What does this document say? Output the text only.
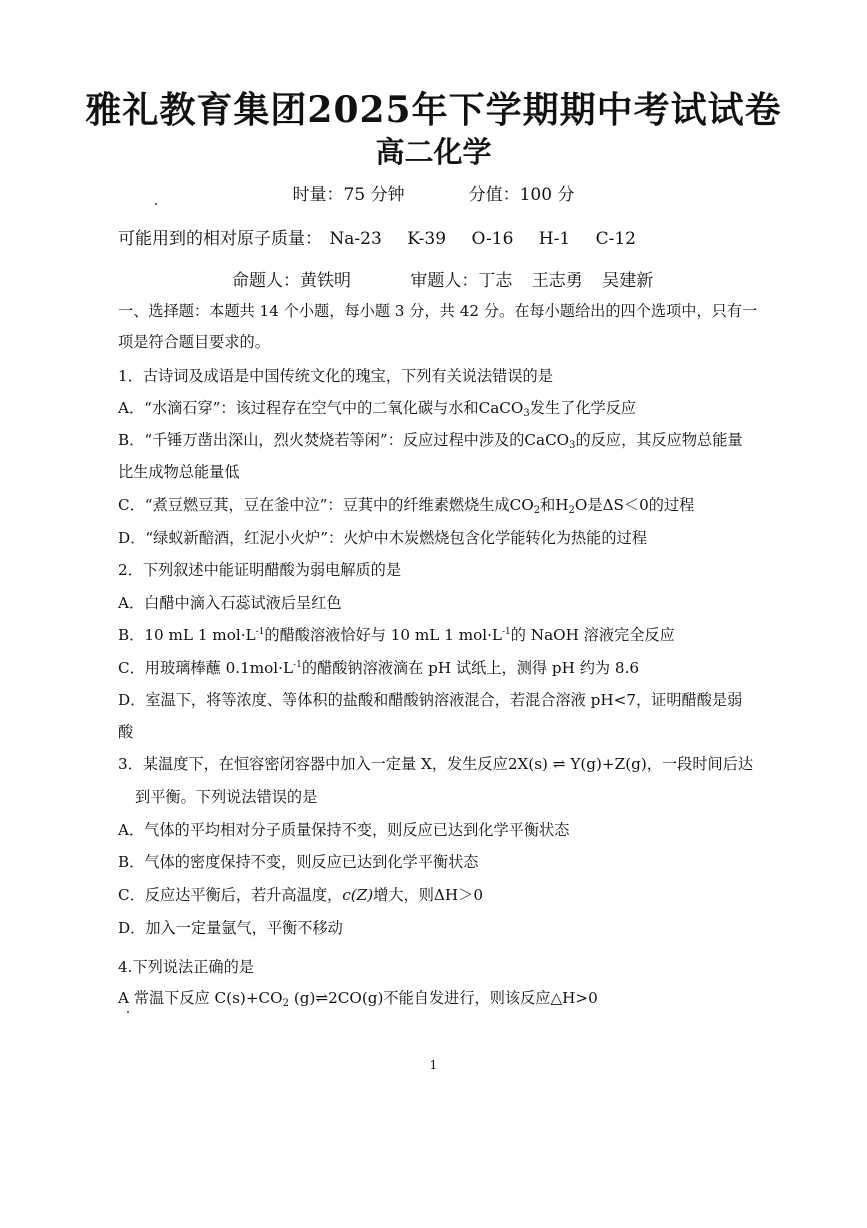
雅礼教育集团2025年下学期期中考试试卷
高二化学
时量：75 分钟	分值：100 分
可能用到的相对原子质量： Na-23 K-39 O-16 H-1 C-12
命题人：黄铁明	审题人：丁志 王志勇 吴建新
一、选择题：本题共 14 个小题，每小题 3 分，共 42 分。在每小题给出的四个选项中，只有一
项是符合题目要求的。
1．古诗词及成语是中国传统文化的瑰宝，下列有关说法错误的是
A．“水滴石穿”：该过程存在空气中的二氧化碳与水和CaCO$_3$发生了化学反应
B．“千锤万凿出深山，烈火焚烧若等闲”：反应过程中涉及的CaCO$_3$的反应，其反应物总能量
比生成物总能量低
C．“煮豆燃豆萁，豆在釜中泣”：豆萁中的纤维素燃烧生成$CO_2$和$H_2O$是ΔS＜0的过程
D．“绿蚁新醅酒，红泥小火炉”：火炉中木炭燃烧包含化学能转化为热能的过程
2．下列叙述中能证明醋酸为弱电解质的是
A．白醋中滴入石蕊试液后呈红色
B．10 mL 1 $mol\cdot L^{-1}$的醋酸溶液恰好与 10 mL 1 $mol\cdot L^{-1}$的 NaOH 溶液完全反应
C．用玻璃棒蘸 $0.1mol\cdot L^{-1}$的醋酸钠溶液滴在 pH 试纸上，测得 pH 约为 8.6
D．室温下，将等浓度、等体积的盐酸和醋酸钠溶液混合，若混合溶液 pH<7，证明醋酸是弱
酸
3．某温度下，在恒容密闭容器中加入一定量 X，发生反应2X(s) ⇌ Y(g)+Z(g)，一段时间后达
到平衡。下列说法错误的是
A．气体的平均相对分子质量保持不变，则反应已达到化学平衡状态
B．气体的密度保持不变，则反应已达到化学平衡状态
C．反应达平衡后，若升高温度，c(Z)增大，则ΔH＞0
D．加入一定量氩气，平衡不移动
4.下列说法正确的是
A 常温下反应 $C(s)+CO_2$ (g)⇌2CO(g)不能自发进行，则该反应△H>0
1
